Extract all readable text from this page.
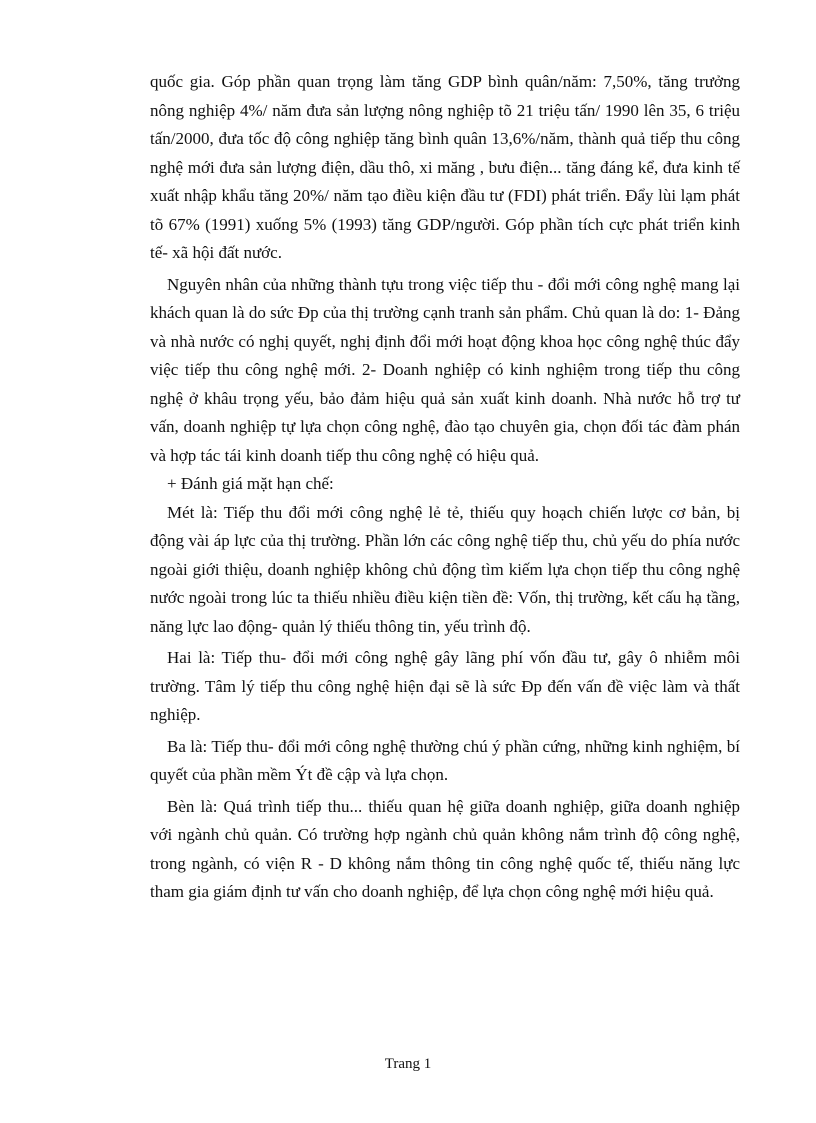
quốc gia. Góp phần quan trọng làm tăng GDP bình quân/năm: 7,50%, tăng trưởng nông nghiệp 4%/ năm đưa sản lượng nông nghiệp tõ 21 triệu tấn/ 1990 lên 35, 6 triệu tấn/2000, đưa tốc độ công nghiệp tăng bình quân 13,6%/năm, thành quả tiếp thu công nghệ mới đưa sản lượng điện, dầu thô, xi măng , bưu điện... tăng đáng kể, đưa kinh tế xuất nhập khẩu tăng 20%/ năm tạo điều kiện đầu tư (FDI) phát triển. Đẩy lùi lạm phát tõ 67% (1991) xuống 5% (1993) tăng GDP/người. Góp phần tích cực phát triển kinh tế- xã hội đất nước.

Nguyên nhân của những thành tựu trong việc tiếp thu - đổi mới công nghệ mang lại khách quan là do sức Đp của thị trường cạnh tranh sản phẩm. Chủ quan là do: 1- Đảng và nhà nước có nghị quyết, nghị định đổi mới hoạt động khoa học công nghệ thúc đẩy việc tiếp thu công nghệ mới. 2- Doanh nghiệp có kinh nghiệm trong tiếp thu công nghệ ở khâu trọng yếu, bảo đảm hiệu quả sản xuất kinh doanh. Nhà nước hỗ trợ tư vấn, doanh nghiệp tự lựa chọn công nghệ, đào tạo chuyên gia, chọn đối tác đàm phán và hợp tác tái kinh doanh tiếp thu công nghệ có hiệu quả.

+ Đánh giá mặt hạn chế:

Mét là: Tiếp thu đổi mới công nghệ lẻ tẻ, thiếu quy hoạch chiến lược cơ bản, bị động vài áp lực của thị trường. Phần lớn các công nghệ tiếp thu, chủ yếu do phía nước ngoài giới thiệu, doanh nghiệp không chủ động tìm kiếm lựa chọn tiếp thu công nghệ nước ngoài trong lúc ta thiếu nhiều điều kiện tiền đề: Vốn, thị trường, kết cấu hạ tầng, năng lực lao động- quản lý thiếu thông tin, yếu trình độ.

Hai là: Tiếp thu- đổi mới công nghệ gây lãng phí vốn đầu tư, gây ô nhiễm môi trường. Tâm lý tiếp thu công nghệ hiện đại sẽ là sức Đp đến vấn đề việc làm và thất nghiệp.

Ba là: Tiếp thu- đổi mới công nghệ thường chú ý phần cứng, những kinh nghiệm, bí quyết của phần mềm Ýt đề cập và lựa chọn.

Bèn là: Quá trình tiếp thu... thiếu quan hệ giữa doanh nghiệp, giữa doanh nghiệp với ngành chủ quản. Có trường hợp ngành chủ quản không nắm trình độ công nghệ, trong ngành, có viện R - D không nắm thông tin công nghệ quốc tế, thiếu năng lực tham gia giám định tư vấn cho doanh nghiệp, để lựa chọn công nghệ mới hiệu quả.

Trang 1
